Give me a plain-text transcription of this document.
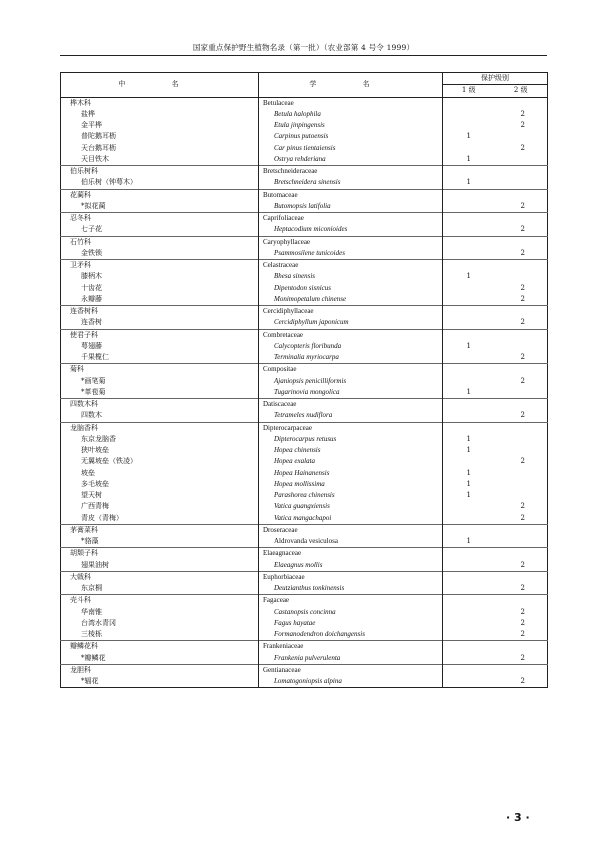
国家重点保护野生植物名录（第一批）（农业部第 4 号令 1999）
中 名	学 名	保护级别	
		1 级	2 级
桦木科	Betulaceae		
盐桦	Betula halophila		2
金平桦	Etula jinpingensis		2
普陀鹅耳枥	Carpinus putoensis	1	
天台鹅耳枥	Car pinus tientaiensis		2
天目铁木	Ostrya rehderiana	1	
伯乐树科	Bretschneideraceae		
伯乐树（钟萼木）	Bretschneidera sinensis	1	
花蔺科	Butomaceae		
*拟花蔺	Butomopsis latifolia		2
忍冬科	Caprifoliaceae		
七子花	Heptacodium miconioides		2
石竹科	Caryophyllaceae		
金铁锁	Psammosilene tunicoides		2
卫矛科	Celastraceae		
膝柄木	Bhesa sinensis	1	
十齿花	Dipentodon sisnicus		2
永瓣藤	Monimopetalum chinense		2
连香树科	Cercidiphyllaceae		
连香树	Cercidiphyllum japonicum		2
使君子科	Combretaceae		
萼翅藤	Calycopteris floribunda	1	
千果榄仁	Terminalia myriocarpa		2
菊科	Compositae		
*画笔菊	Ajaniopsis penicilliformis		2
*革苞菊	Tugarinovia mongolica	1	
四数木科	Datiscaceae		
四数木	Tetrameles nudiflora		2
龙脑香科	Dipterocarpaceae		
东京龙脑香	Dipterocarpus retusus	1	
狭叶坡垒	Hopea chinensis	1	
无翼坡垒（铁凌）	Hopea exalata		2
坡垒	Hopea Hainanensis	1	
多毛坡垒	Hopea mollissima	1	
望天树	Parashorea chinensis	1	
广西青梅	Vatica guangxiensis		2
青皮（青梅）	Vatica mangachapoi		2
茅膏菜科	Droseraceae		
*貉藻	Aldrovanda vesiculosa	1	
胡颓子科	Elaeagnaceae		
翅果油树	Elaeagnus mollis		2
大戟科	Euphorbiaceae		
东京桐	Deutzianthus tonkinensis		2
壳斗科	Fagaceae		
华南锥	Castanopsis concinna		2
台湾水青冈	Fagus hayatae		2
三棱栎	Formanodendron doichangensis		2
瓣鳞花科	Frankeniaceae		
*瓣鳞花	Frankenia pulverulenta		2
龙胆科	Gentianaceae		
*辐花	Lomatogoniopsis alpina		2
· 3 ·
